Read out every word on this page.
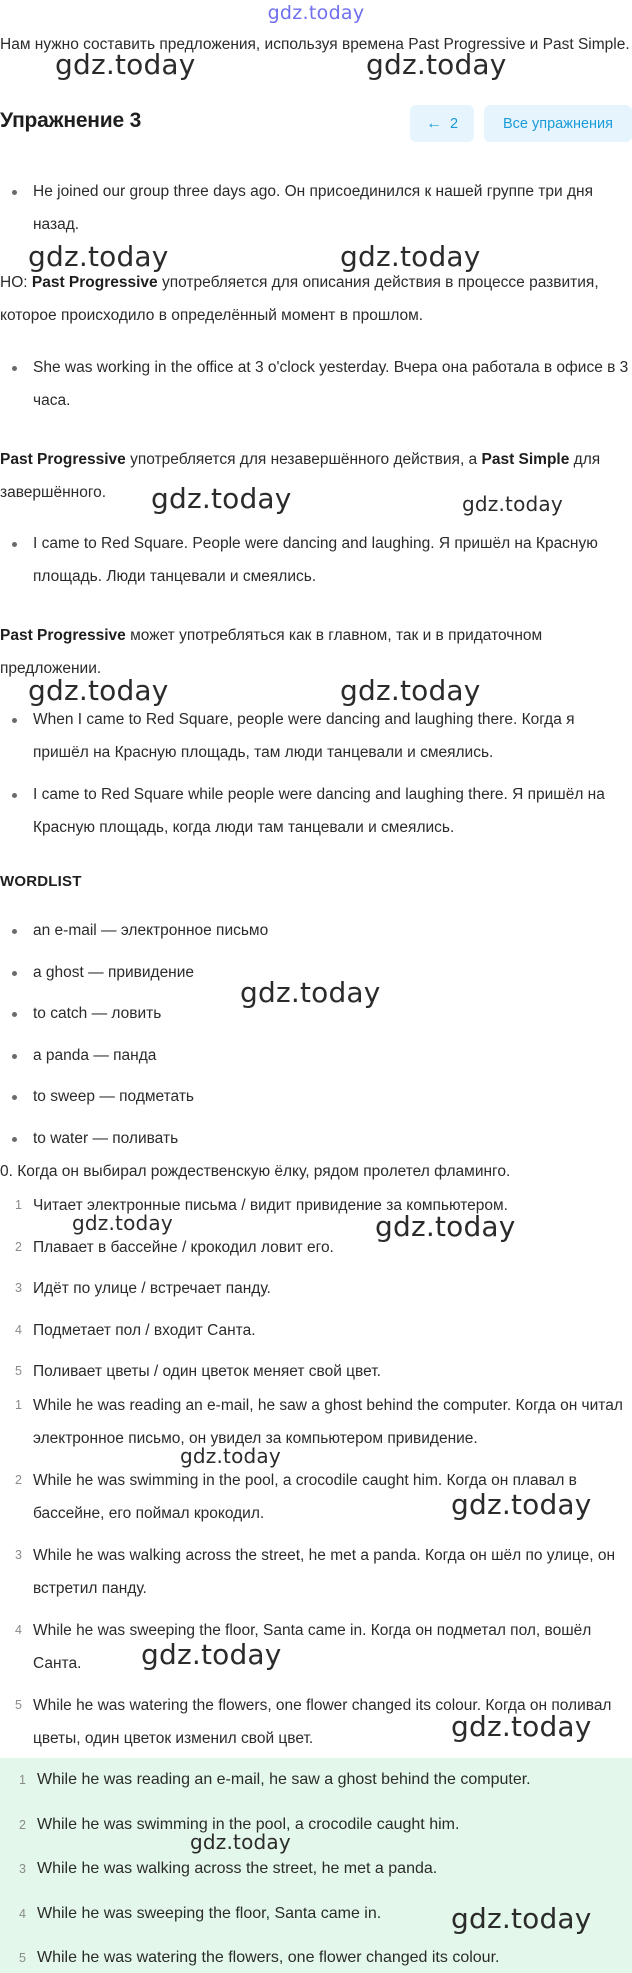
gdz.today
Нам нужно составить предложения, используя времена Past Progressive и Past Simple.
Упражнение 3	← 2	Все упражнения
He joined our group three days ago. Он присоединился к нашей группе три дня назад.

НО: Past Progressive употребляется для описания действия в процессе развития, которое происходило в определённый момент в прошлом.

She was working in the office at 3 o'clock yesterday. Вчера она работала в офисе в 3 часа.

Past Progressive употребляется для незавершённого действия, а Past Simple для завершённого.

I came to Red Square. People were dancing and laughing. Я пришёл на Красную площадь. Люди танцевали и смеялись.

Past Progressive может употребляться как в главном, так и в придаточном предложении.

When I came to Red Square, people were dancing and laughing there. Когда я пришёл на Красную площадь, там люди танцевали и смеялись.
I came to Red Square while people were dancing and laughing there. Я пришёл на Красную площадь, когда люди там танцевали и смеялись.
WORDLIST
an e-mail — электронное письмо
a ghost — привидение
to catch — ловить
a panda — панда
to sweep — подметать
to water — поливать
0. Когда он выбирал рождественскую ёлку, рядом пролетел фламинго.
1 Читает электронные письма / видит привидение за компьютером.
2 Плавает в бассейне / крокодил ловит его.
3 Идёт по улице / встречает панду.
4 Подметает пол / входит Санта.
5 Поливает цветы / один цветок меняет свой цвет.
1 While he was reading an e-mail, he saw a ghost behind the computer. Когда он читал электронное письмо, он увидел за компьютером привидение.
2 While he was swimming in the pool, a crocodile caught him. Когда он плавал в бассейне, его поймал крокодил.
3 While he was walking across the street, he met a panda. Когда он шёл по улице, он встретил панду.
4 While he was sweeping the floor, Santa came in. Когда он подметал пол, вошёл Санта.
5 While he was watering the flowers, one flower changed its colour. Когда он поливал цветы, один цветок изменил свой цвет.
1 While he was reading an e-mail, he saw a ghost behind the computer.
2 While he was swimming in the pool, a crocodile caught him.
3 While he was walking across the street, he met a panda.
4 While he was sweeping the floor, Santa came in.
5 While he was watering the flowers, one flower changed its colour.
gdz.today	gdz.today
gdz.today	gdz.today
gdz.today	gdz.today
gdz.today	gdz.today
gdz.today
gdz.today	gdz.today
gdz.today
gdz.today
gdz.today
gdz.today
gdz.today
gdz.today
